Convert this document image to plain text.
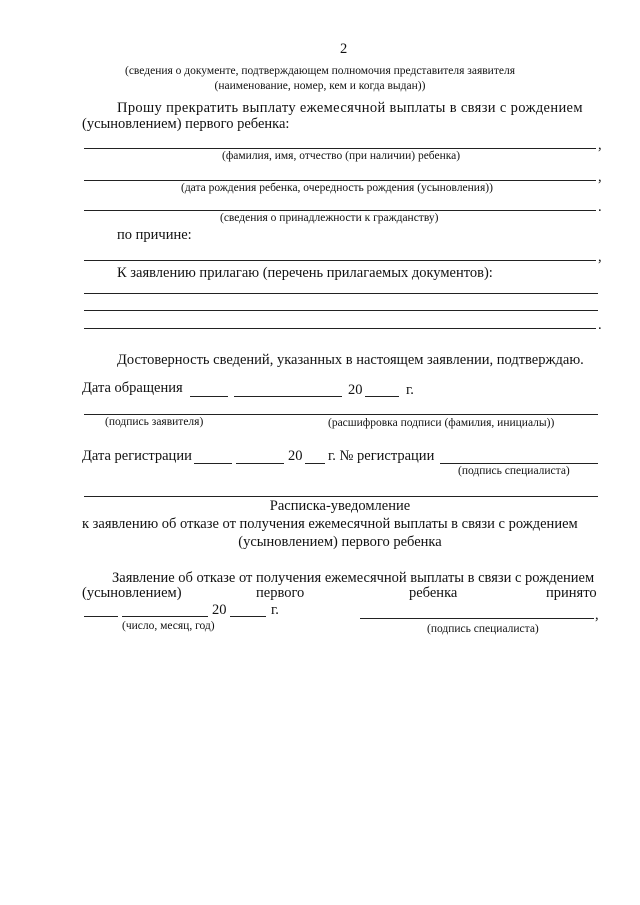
2
(сведения о документе, подтверждающем полномочия представителя заявителя
(наименование, номер, кем и когда выдан))
Прошу прекратить выплату ежемесячной выплаты в связи с рождением
(усыновлением) первого ребенка:
,
(фамилия, имя, отчество (при наличии) ребенка)
,
(дата рождения ребенка, очередность рождения (усыновления))
.
(сведения о принадлежности к гражданству)
по причине:
,
К заявлению прилагаю (перечень прилагаемых документов):
.
Достоверность сведений, указанных в настоящем заявлении, подтверждаю.
Дата обращения	20	г.
(подпись заявителя)	(расшифровка подписи (фамилия, инициалы))
Дата регистрации	20 г. № регистрации
(подпись специалиста)
Расписка-уведомление
к заявлению об отказе от получения ежемесячной выплаты в связи с рождением
(усыновлением) первого ребенка
Заявление об отказе от получения ежемесячной выплаты в связи с рождением
(усыновлением)	первого	ребенка	принято
20	г.	,
(число, месяц, год)	(подпись специалиста)
